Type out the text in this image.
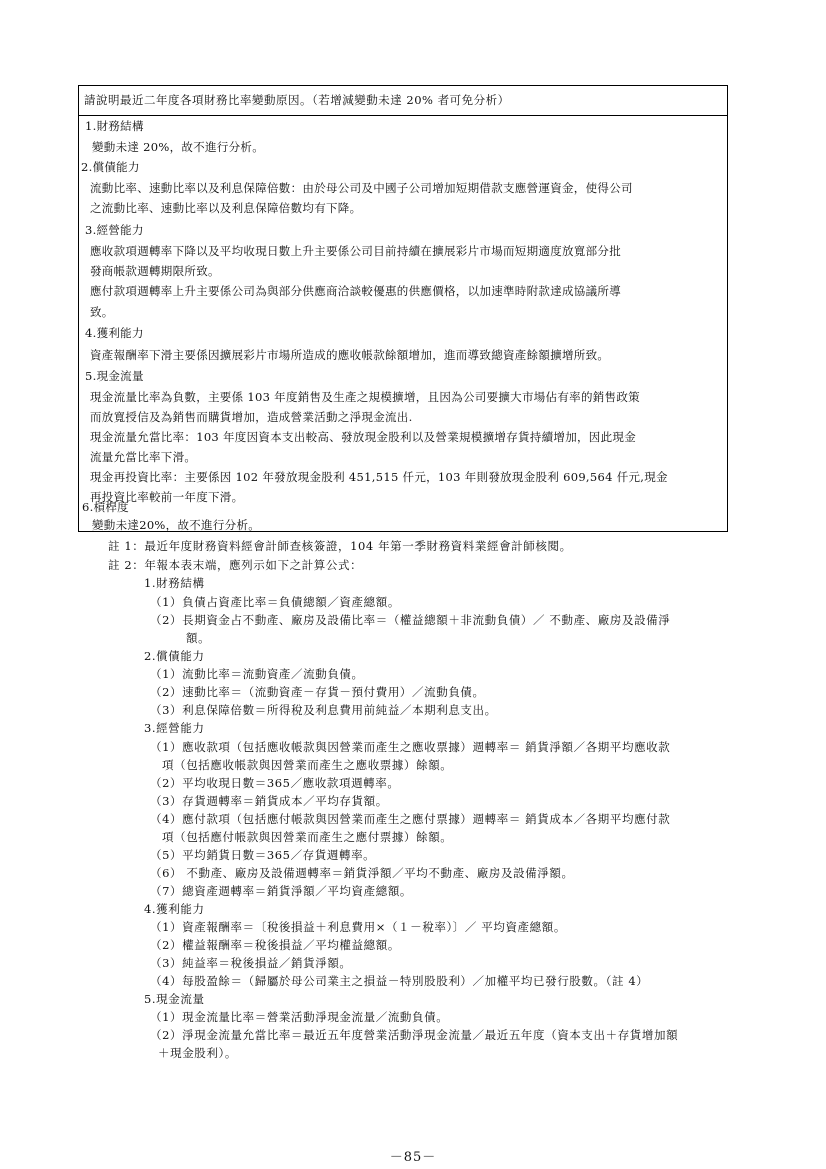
請說明最近二年度各項財務比率變動原因。（若增減變動未達 20% 者可免分析）
1.財務結構
變動未達 20%，故不進行分析。
2.償債能力
流動比率、速動比率以及利息保障倍數：由於母公司及中國子公司增加短期借款支應營運資金，使得公司
之流動比率、速動比率以及利息保障倍數均有下降。
3.經營能力
應收款項週轉率下降以及平均收現日數上升主要係公司目前持續在擴展彩片市場而短期適度放寬部分批
發商帳款週轉期限所致。
應付款項週轉率上升主要係公司為與部分供應商洽談較優惠的供應價格，以加速準時附款達成協議所導
致。
4.獲利能力
資產報酬率下滑主要係因擴展彩片市場所造成的應收帳款餘額增加，進而導致總資產餘額擴增所致。
5.現金流量
現金流量比率為負數，主要係 103 年度銷售及生產之規模擴增，且因為公司要擴大市場佔有率的銷售政策
而放寬授信及為銷售而購貨增加，造成營業活動之淨現金流出.
現金流量允當比率：103 年度因資本支出較高、發放現金股利以及營業規模擴增存貨持續增加，因此現金
流量允當比率下滑。
現金再投資比率：主要係因 102 年發放現金股利 451,515 仟元，103 年則發放現金股利 609,564 仟元,現金
再投資比率較前一年度下滑。
6.槓桿度
變動未達20%，故不進行分析。
註 1：最近年度財務資料經會計師查核簽證，104 年第一季財務資料業經會計師核閱。
註 2：年報本表末端，應列示如下之計算公式：
1.財務結構
（1）負債占資產比率＝負債總額／資產總額。
（2）長期資金占不動產、廠房及設備比率＝（權益總額＋非流動負債）／ 不動產、廠房及設備淨
額。
2.償債能力
（1）流動比率＝流動資產／流動負債。
（2）速動比率＝（流動資產－存貨－預付費用）／流動負債。
（3）利息保障倍數＝所得稅及利息費用前純益／本期利息支出。
3.經營能力
（1）應收款項（包括應收帳款與因營業而產生之應收票據）週轉率＝ 銷貨淨額／各期平均應收款
項（包括應收帳款與因營業而產生之應收票據）餘額。
（2）平均收現日數＝365／應收款項週轉率。
（3）存貨週轉率＝銷貨成本／平均存貨額。
（4）應付款項（包括應付帳款與因營業而產生之應付票據）週轉率＝ 銷貨成本／各期平均應付款
項（包括應付帳款與因營業而產生之應付票據）餘額。
（5）平均銷貨日數＝365／存貨週轉率。
（6） 不動產、廠房及設備週轉率＝銷貨淨額／平均不動產、廠房及設備淨額。
（7）總資產週轉率＝銷貨淨額／平均資產總額。
4.獲利能力
（1）資產報酬率＝〔稅後損益＋利息費用×（１－稅率）〕／ 平均資產總額。
（2）權益報酬率＝稅後損益／平均權益總額。
（3）純益率＝稅後損益／銷貨淨額。
（4）每股盈餘＝（歸屬於母公司業主之損益－特別股股利）／加權平均已發行股數。（註 4）
5.現金流量
（1）現金流量比率＝營業活動淨現金流量／流動負債。
（2）淨現金流量允當比率＝最近五年度營業活動淨現金流量／最近五年度（資本支出＋存貨增加額
＋現金股利）。
－85－
